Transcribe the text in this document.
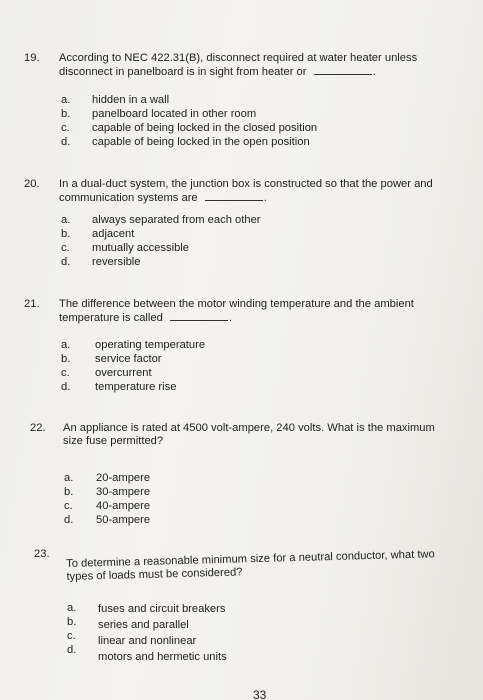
19.	According to NEC 422.31(B), disconnect required at water heater unless
disconnect in panelboard is in sight from heater or	.
a. hidden in a wall
b. panelboard located in other room
c. capable of being locked in the closed position
d. capable of being locked in the open position
20.	In a dual-duct system, the junction box is constructed so that the power and
communication systems are	.
a. always separated from each other
b. adjacent
c. mutually accessible
d. reversible
21.	The difference between the motor winding temperature and the ambient
temperature is called	.
a. operating temperature
b. service factor
c. overcurrent
d. temperature rise
22.	An appliance is rated at 4500 volt-ampere, 240 volts. What is the maximum
size fuse permitted?
a. 20-ampere
b. 30-ampere
c. 40-ampere
d. 50-ampere
23.	To determine a reasonable minimum size for a neutral conductor, what two
types of loads must be considered?
a. fuses and circuit breakers
b. series and parallel
c. linear and nonlinear
d.
motors and hermetic units
33
